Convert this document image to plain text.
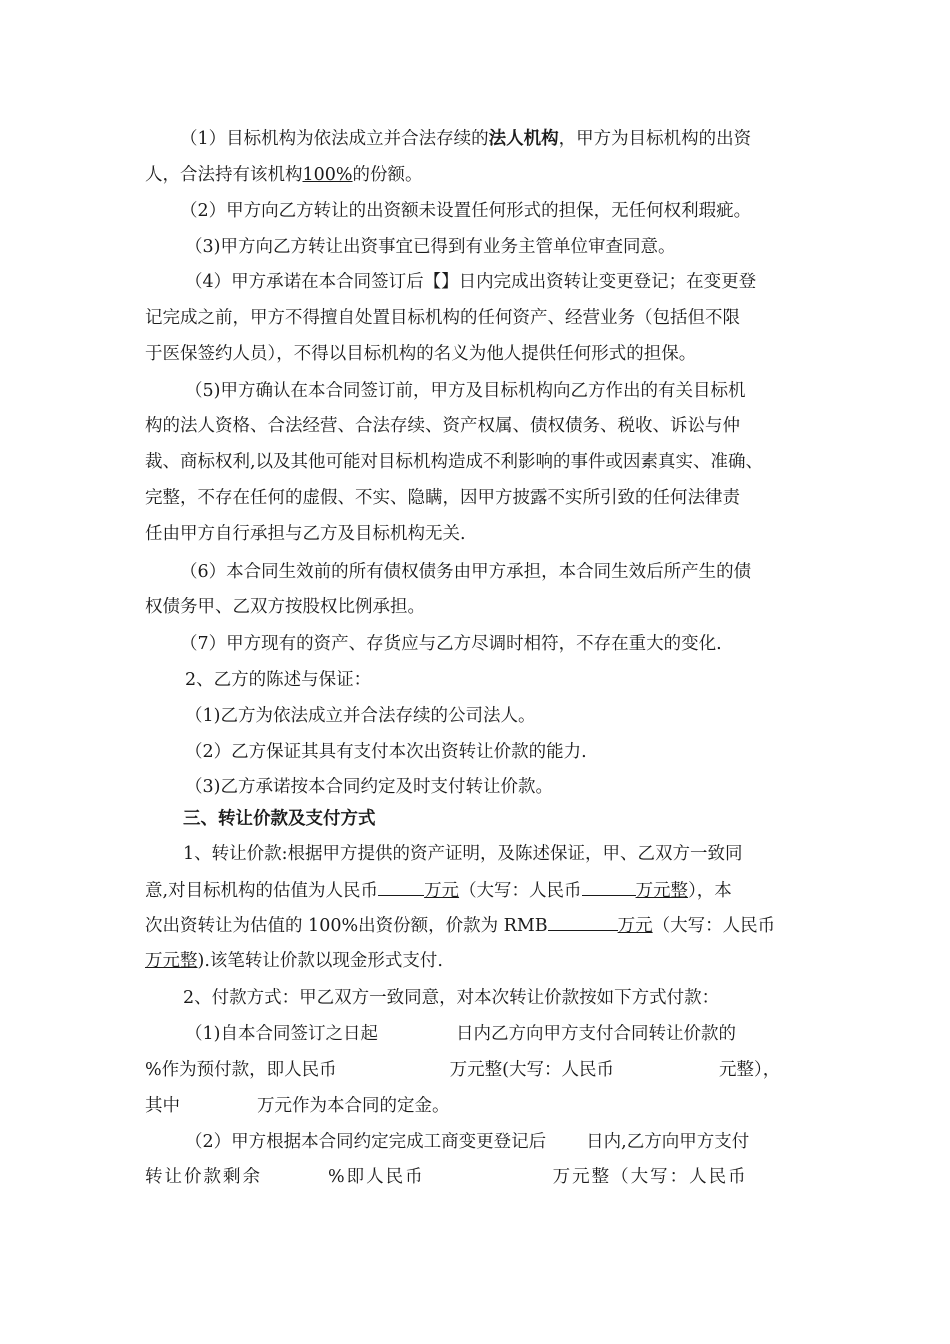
（1）目标机构为依法成立并合法存续的法人机构，甲方为目标机构的出资
人，合法持有该机构100%的份额。
（2）甲方向乙方转让的出资额未设置任何形式的担保，无任何权利瑕疵。
（3)甲方向乙方转让出资事宜已得到有业务主管单位审查同意。
（4）甲方承诺在本合同签订后【】日内完成出资转让变更登记；在变更登
记完成之前，甲方不得擅自处置目标机构的任何资产、经营业务（包括但不限
于医保签约人员），不得以目标机构的名义为他人提供任何形式的担保。
（5)甲方确认在本合同签订前，甲方及目标机构向乙方作出的有关目标机
构的法人资格、合法经营、合法存续、资产权属、债权债务、税收、诉讼与仲
裁、商标权利,以及其他可能对目标机构造成不利影响的事件或因素真实、准确、
完整，不存在任何的虚假、不实、隐瞒，因甲方披露不实所引致的任何法律责
任由甲方自行承担与乙方及目标机构无关.
（6）本合同生效前的所有债权债务由甲方承担，本合同生效后所产生的债
权债务甲、乙双方按股权比例承担。
（7）甲方现有的资产、存货应与乙方尽调时相符，不存在重大的变化.
2、乙方的陈述与保证：
（1)乙方为依法成立并合法存续的公司法人。
（2）乙方保证其具有支付本次出资转让价款的能力.
（3)乙方承诺按本合同约定及时支付转让价款。
三、转让价款及支付方式
1、转让价款:根据甲方提供的资产证明，及陈述保证，甲、乙双方一致同
意,对目标机构的估值为人民币	万元（大写：人民币	万元整），本
次出资转让为估值的 100%出资份额，价款为 RMB	万元（大写：人民币
万元整).该笔转让价款以现金形式支付.
2、付款方式：甲乙双方一致同意，对本次转让价款按如下方式付款：
（1)自本合同签订之日起	日内乙方向甲方支付合同转让价款的
%作为预付款，即人民币	万元整(大写：人民币	元整），
其中	万元作为本合同的定金。
（2）甲方根据本合同约定完成工商变更登记后 日内,乙方向甲方支付
转让价款剩余	%即人民币	万元整（大写：人民币
